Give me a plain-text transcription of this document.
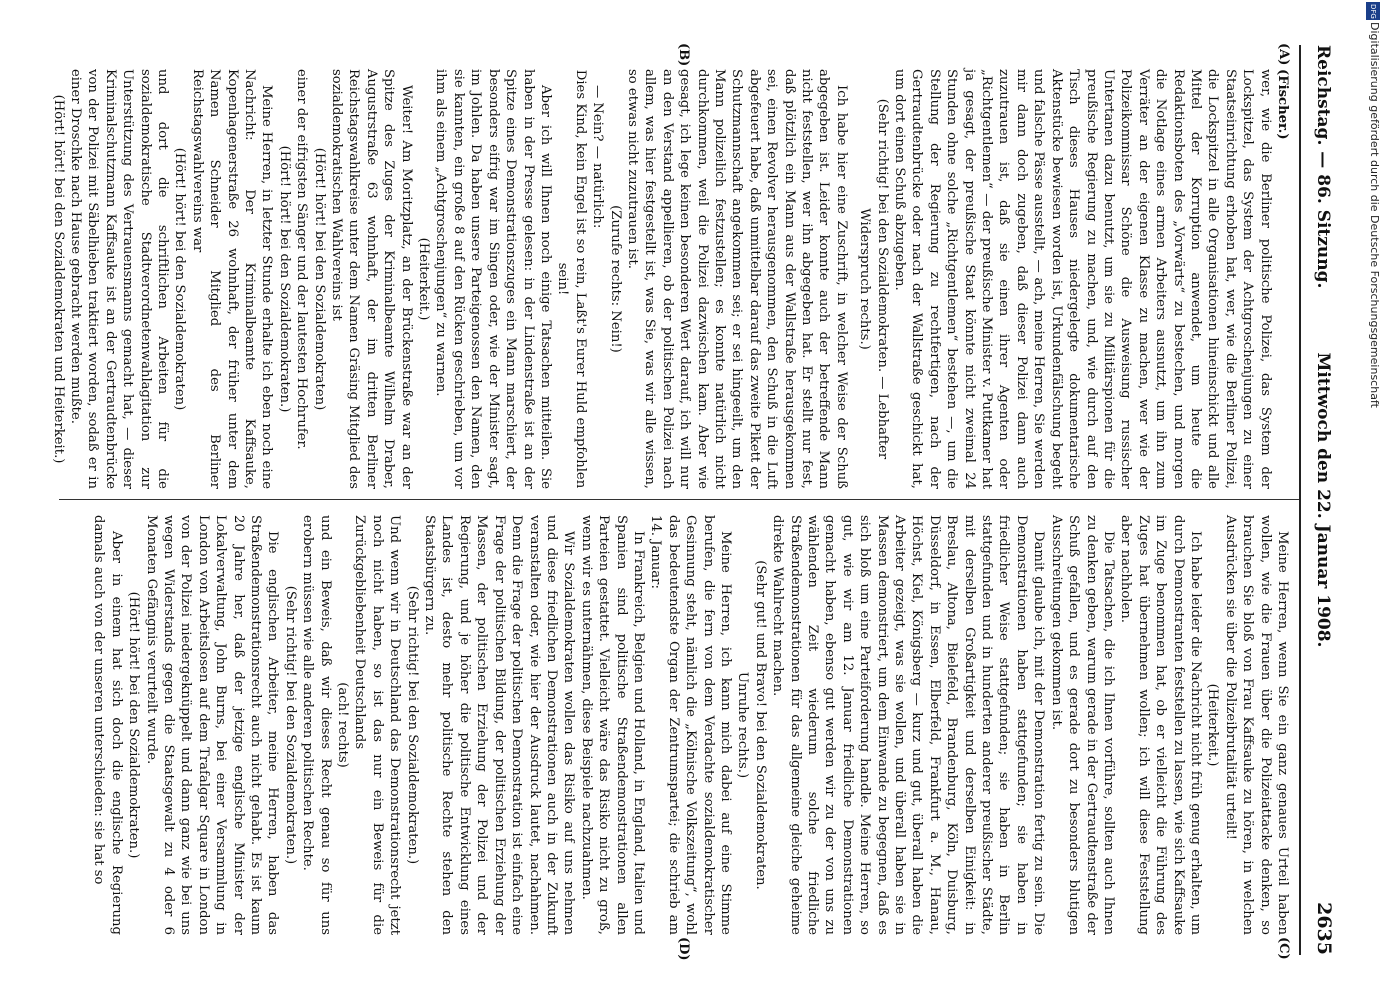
Reichstag. — 86. Sitzung.
Mittwoch den 22. Januar 1908.
2635
(A)
(B)
(C)
(D)

(Fischer.)

wer, wie die Berliner politische Polizei, das System der Lockspitzel, das System der Achtgroschenjungen zu einer Staatseinrichtung erhoben hat, wer, wie die Berliner Polizei, die Lockspitzel in alle Organisationen hineinschickt und alle Mittel der Korruption anwendet, um heute die Redaktionsboten des „Vorwärts“ zu bestechen, und morgen die Notlage eines armen Arbeiters ausnutzt, um ihn zum Verräter an der eigenen Klasse zu machen, wer wie der Polizeikommissar Schöne die Ausweisung russischer Untertanen dazu benutzt, um sie zu Militärspionen für die preußische Regierung zu machen, und, wie durch auf den Tisch dieses Hauses niedergelegte dokumentarische Aktenstücke bewiesen worden ist, Urkundenfälschung begeht und falsche Pässe ausstellt, — ach, meine Herren, Sie werden mir dann doch zugeben, daß dieser Polizei dann auch zuzutrauen ist, daß sie einen ihrer Agenten oder „Richtgentlemen“ — der preußische Minister v. Puttkamer hat ja gesagt, der preußische Staat könnte nicht zweimal 24 Stunden ohne solche „Richtgentlemen“ bestehen —, um die Stellung der Regierung zu rechtfertigen, nach der Gertraudtenbrücke oder nach der Wallstraße geschickt hat, um dort einen Schuß abzugeben.

(Sehr richtig! bei den Sozialdemokraten. — Lebhafter Widerspruch rechts.)

Ich habe hier eine Zuschrift, in welcher Weise der Schuß abgegeben ist. Leider konnte auch der betreffende Mann nicht feststellen, wer ihn abgegeben hat. Er stellt nur fest, daß plötzlich ein Mann aus der Wallstraße herausgekommen sei, einen Revolver herausgenommen, den Schuß in die Luft abgefeuert habe, daß unmittelbar darauf das zweite Pikett der Schutzmannschaft angekommen sei; er sei hingeeilt, um den Mann polizeilich festzustellen; es konnte natürlich nicht durchkommen, weil die Polizei dazwischen kam. Aber wie gesagt, ich lege keinen besonderen Wert darauf, ich will nur an den Verstand appellieren, ob der politischen Polizei nach allem, was hier festgestellt ist, was Sie, was wir alle wissen, so etwas nicht zuzutrauen ist.

(Zurufe rechts: Nein!)

— Nein? — natürlich:

Dies Kind, kein Engel ist so rein, Laßt's Eurer Huld empfohlen sein!

Aber ich will Ihnen noch einige Tatsachen mitteilen. Sie haben in der Presse gelesen: in der Lindenstraße ist an der Spitze eines Demonstrationszuges ein Mann marschiert, der besonders eifrig war im Singen oder, wie der Minister sagt, im Johlen. Da haben unsere Parteigenossen den Namen, den sie kannten, ein große 8 auf den Rücken geschrieben, um vor ihm als einem „Achtgroschenjungen“ zu warnen.

(Heiterkeit.)

Weiter! Am Moritzplatz, an der Brückenstraße war an der Spitze des Zuges der Kriminalbeamte Wilhelm Draber, Augustrstraße 63 wohnhaft, der im dritten Berliner Reichstagswahlkreise unter dem Namen Gräsing Mitglied des sozialdemokratischen Wahlvereins ist

(Hört! hört! bei den Sozialdemokraten)

einer der eifrigsten Sänger und der lautesten Hochrufer.

(Hört! hört! bei den Sozialdemokraten.)

Meine Herren, in letzter Stunde erhalte ich eben noch eine Nachricht: Der Kriminalbeamte Kaffsauke, Kopenhagenerstraße 26 wohnhaft, der früher unter dem Namen Schneider Mitglied des Berliner Reichstagswahlvereins war

(Hört! hört! bei den Sozialdemokraten)

und dort die schriftlichen Arbeiten für die sozialdemokratische Stadtverordnetenwahlagitation zur Unterstützung des Vertrauensmanns gemacht hat, — dieser Kriminalschutzmann Kaffsauke ist an der Gertraudtenbrücke von der Polizei mit Säbelhieben traktiert worden, sodaß er in einer Droschke nach Hause gebracht werden mußte.

(Hört! hört! bei den Sozialdemokraten und Heiterkeit.)

Meine Herren, wenn Sie ein ganz genaues Urteil haben wollen, wie die Frauen über die Polizeiattacke denken, so brauchen Sie bloß von Frau Kaffsauke zu hören, in welchen Ausdrücken sie über die Polizeibrutalität urteilt!

(Heiterkeit.)

Ich habe leider die Nachricht nicht früh genug erhalten, um durch Demonstranten feststellen zu lassen, wie sich Kaffsauke im Zuge benommen hat, ob er vielleicht die Führung des Zuges hat übernehmen wollen; ich will diese Feststellung aber nachholen.

Die Tatsachen, die ich Ihnen vorführe, sollten auch Ihnen zu denken geben, warum gerade in der Gertraudtenstraße der Schuß gefallen, und es gerade dort zu besonders blutigen Ausschreitungen gekommen ist.

Damit glaube ich, mit der Demonstration fertig zu sein. Die Demonstrationen haben stattgefunden; sie haben in friedlicher Weise stattgefunden; sie haben in Berlin stattgefunden und in hunderten anderer preußischer Städte, mit derselben Großartigkeit und derselben Einigkeit: in Breslau, Altona, Bielefeld, Brandenburg, Köln, Duisburg, Düsseldorf, in Essen, Elberfeld, Frankfurt a. M., Hanau, Höchst, Kiel, Königsberg — kurz und gut, überall haben die Arbeiter gezeigt, was sie wollen, und überall haben sie in Massen demonstriert, um dem Einwande zu begegnen, daß es sich bloß um eine Parteiforderung handle. Meine Herren, so gut, wie wir am 12. Januar friedliche Demonstrationen gemacht haben, ebenso gut werden wir zu der von uns zu wählenden Zeit wiederum solche friedliche Straßendemonstrationen für das allgemeine gleiche geheime direkte Wahlrecht machen.

(Sehr gut! und Bravo! bei den Sozialdemokraten.

Unruhe rechts.)

Meine Herren, ich kann mich dabei auf eine Stimme berufen, die fern von dem Verdachte sozialdemokratischer Gesinnung steht, nämlich die „Kölnische Volkszeitung“, wohl das bedeutendste Organ der Zentrumspartei; die schrieb am 14. Januar:

In Frankreich, Belgien und Holland, in England, Italien und Spanien sind politische Straßendemonstrationen allen Parteien gestattet. Vielleicht wäre das Risiko nicht zu groß, wenn wir es unternähmen, diese Beispiele nachzuahmen.

Wir Sozialdemokraten wollen das Risiko auf uns nehmen und diese friedlichen Demonstrationen auch in der Zukunft veranstalten oder, wie hier der Ausdruck lautet, nachahmen. Denn die Frage der politischen Demonstration ist einfach eine Frage der politischen Bildung, der politischen Erziehung der Massen, der politischen Erziehung der Polizei und der Regierung, und je höher die politische Entwicklung eines Landes ist, desto mehr politische Rechte stehen den Staatsbürgern zu.

(Sehr richtig! bei den Sozialdemokraten.)

Und wenn wir in Deutschland das Demonstrationsrecht jetzt noch nicht haben, so ist das nur ein Beweis für die Zurückgebliebenheit Deutschlands

(ach! rechts)

und ein Beweis, daß wir dieses Recht genau so für uns erobern müssen wie alle anderen politischen Rechte.

(Sehr richtig! bei den Sozialdemokraten.)

Die englischen Arbeiter, meine Herren, haben das Straßendemonstrationsrecht auch nicht gehabt. Es ist kaum 20 Jahre her, daß der jetzige englische Minister der Lokalverwaltung, John Burns, bei einer Versammlung in London von Arbeitslosen auf dem Trafalgar Square in London von der Polizei niedergeknüppelt und dann ganz wie bei uns wegen Widerstands gegen die Staatsgewalt zu 4 oder 6 Monaten Gefängnis verurteilt wurde.

(Hört! hört! bei den Sozialdemokraten.)

Aber in einem hat sich doch die englische Regierung damals auch von der unseren unterschieden: sie hat so

DFG
Digitalisierung gefördert durch die Deutsche Forschungsgemeinschaft
